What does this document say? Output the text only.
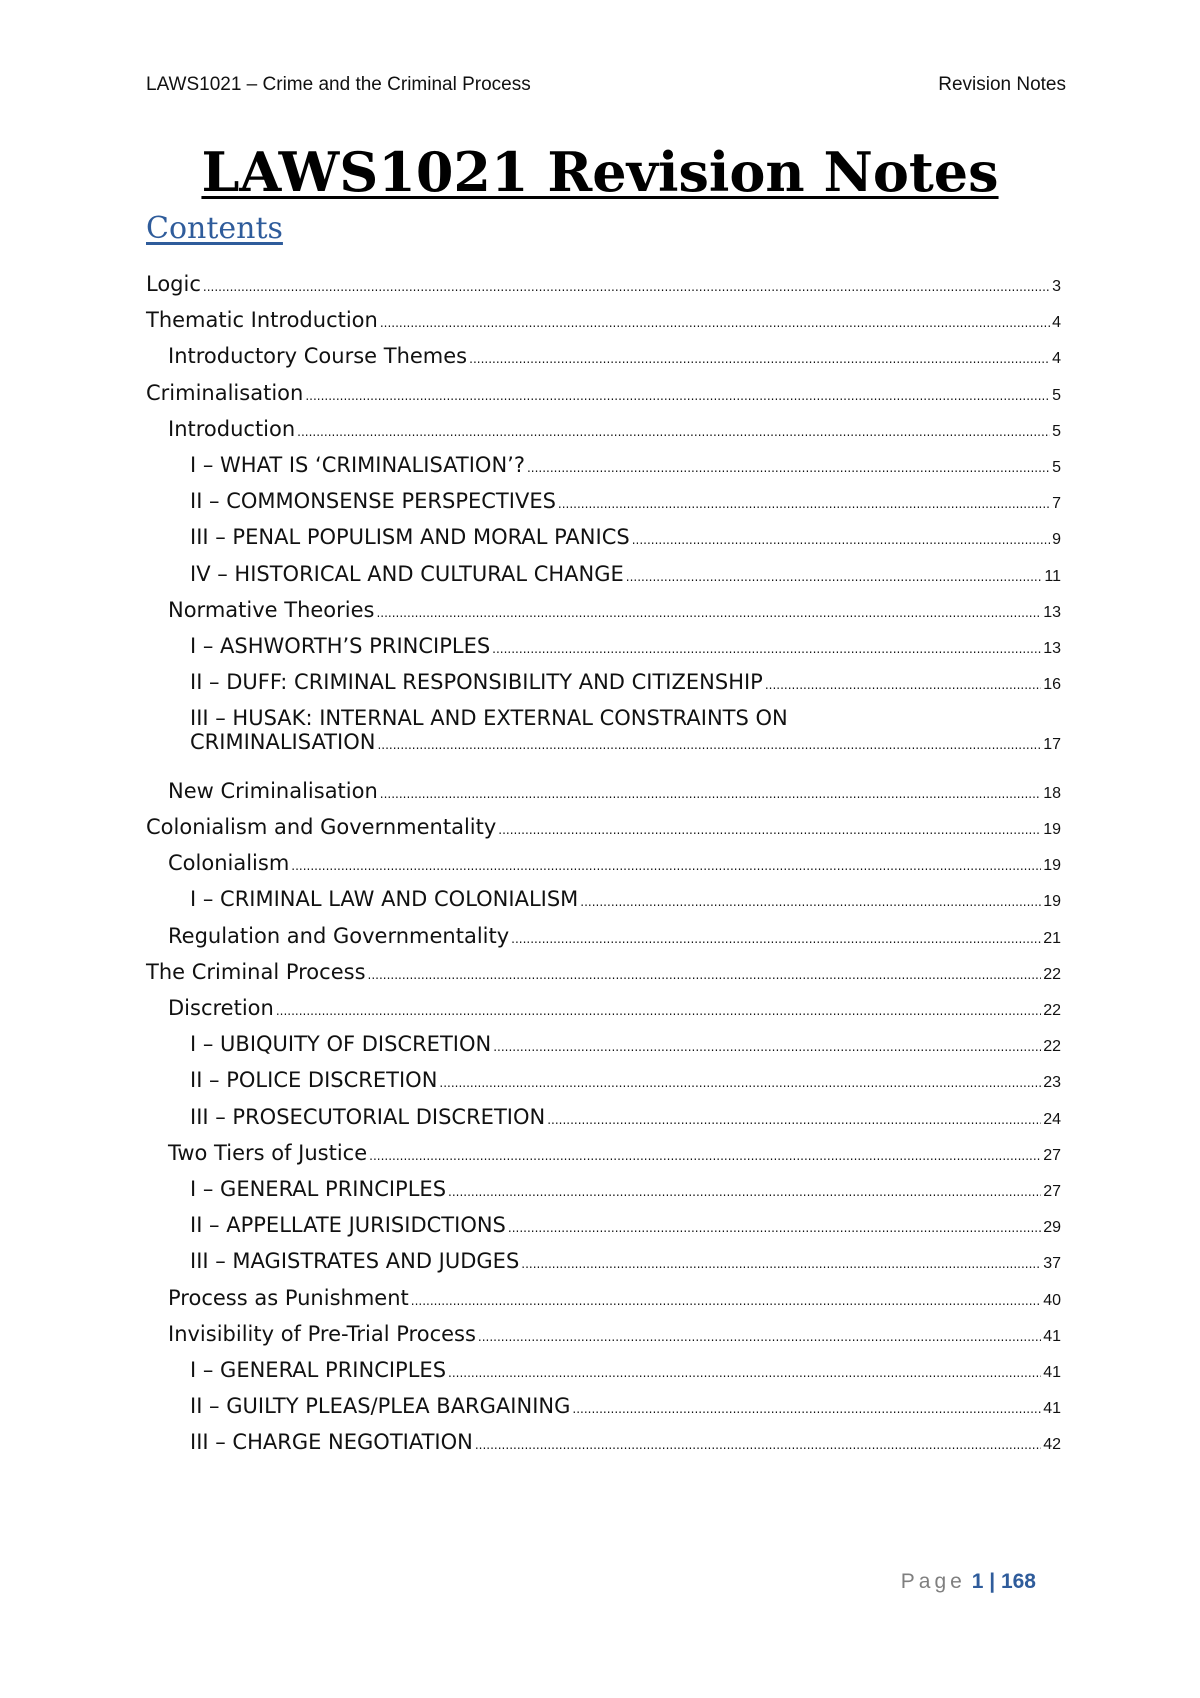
LAWS1021 – Crime and the Criminal Process	Revision Notes
LAWS1021 Revision Notes
Contents
Logic .....	3
Thematic Introduction .....	4
Introductory Course Themes .....	4
Criminalisation .....	5
Introduction .....	5
I – WHAT IS ‘CRIMINALISATION’? .....	5
II – COMMONSENSE PERSPECTIVES .....	7
III – PENAL POPULISM AND MORAL PANICS .....	9
IV – HISTORICAL AND CULTURAL CHANGE .....	11
Normative Theories .....	13
I – ASHWORTH’S PRINCIPLES .....	13
II – DUFF: CRIMINAL RESPONSIBILITY AND CITIZENSHIP .....	16
III – HUSAK: INTERNAL AND EXTERNAL CONSTRAINTS ON
CRIMINALISATION .....	17
New Criminalisation .....	18
Colonialism and Governmentality .....	19
Colonialism .....	19
I – CRIMINAL LAW AND COLONIALISM .....	19
Regulation and Governmentality .....	21
The Criminal Process .....	22
Discretion .....	22
I – UBIQUITY OF DISCRETION .....	22
II – POLICE DISCRETION .....	23
III – PROSECUTORIAL DISCRETION .....	24
Two Tiers of Justice .....	27
I – GENERAL PRINCIPLES .....	27
II – APPELLATE JURISIDCTIONS .....	29
III – MAGISTRATES AND JUDGES .....	37
Process as Punishment .....	40
Invisibility of Pre-Trial Process .....	41
I – GENERAL PRINCIPLES .....	41
II – GUILTY PLEAS/PLEA BARGAINING .....	41
III – CHARGE NEGOTIATION .....	42
Page 1 | 168
